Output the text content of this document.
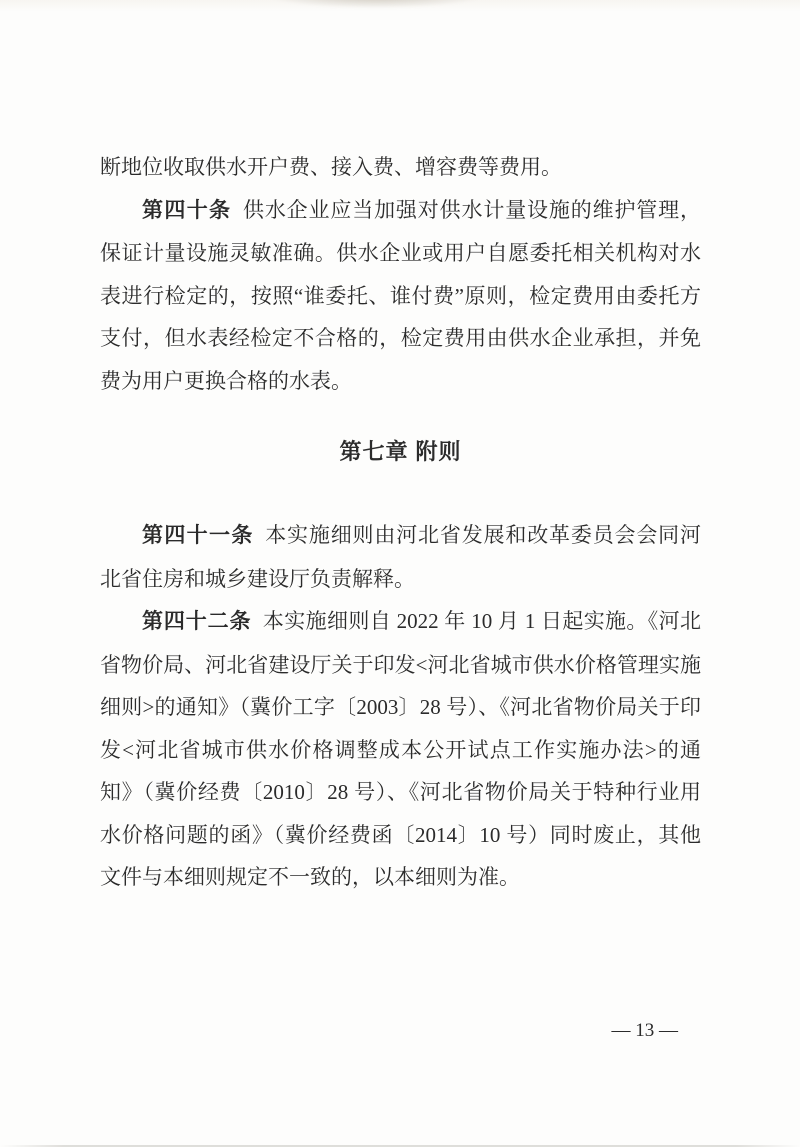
断地位收取供水开户费、接入费、增容费等费用。

第四十条 供水企业应当加强对供水计量设施的维护管理，保证计量设施灵敏准确。供水企业或用户自愿委托相关机构对水表进行检定的，按照“谁委托、谁付费”原则，检定费用由委托方支付，但水表经检定不合格的，检定费用由供水企业承担，并免费为用户更换合格的水表。

第七章 附则

第四十一条 本实施细则由河北省发展和改革委员会会同河北省住房和城乡建设厅负责解释。

第四十二条 本实施细则自 2022 年 10 月 1 日起实施。《河北省物价局、河北省建设厅关于印发<河北省城市供水价格管理实施细则>的通知》（冀价工字〔2003〕28 号）、《河北省物价局关于印发<河北省城市供水价格调整成本公开试点工作实施办法>的通知》（冀价经费〔2010〕28 号）、《河北省物价局关于特种行业用水价格问题的函》（冀价经费函〔2014〕10 号）同时废止，其他文件与本细则规定不一致的，以本细则为准。

— 13 —
